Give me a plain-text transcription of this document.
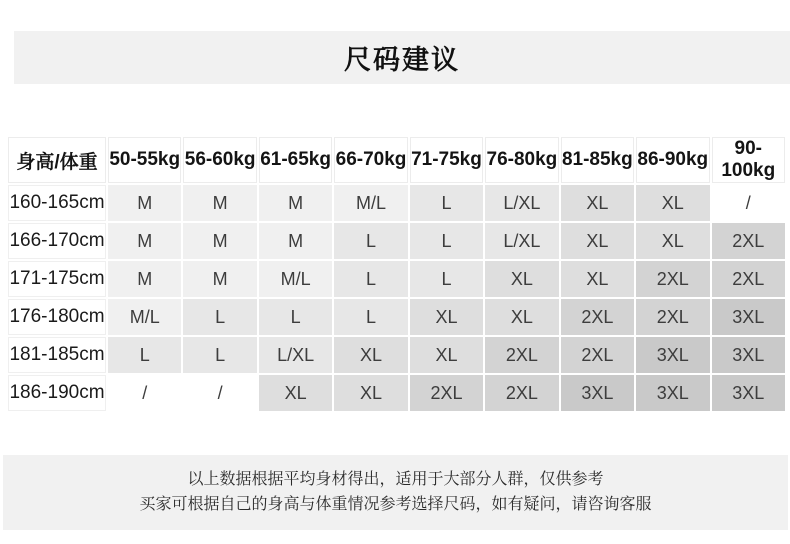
尺码建议
身高/体重	50-55kg	56-60kg	61-65kg	66-70kg	71-75kg	76-80kg	81-85kg	86-90kg	90-100kg
160-165cm	M	M	M	M/L	L	L/XL	XL	XL	/
166-170cm	M	M	M	L	L	L/XL	XL	XL	2XL
171-175cm	M	M	M/L	L	L	XL	XL	2XL	2XL
176-180cm	M/L	L	L	L	XL	XL	2XL	2XL	3XL
181-185cm	L	L	L/XL	XL	XL	2XL	2XL	3XL	3XL
186-190cm	/	/	XL	XL	2XL	2XL	3XL	3XL	3XL

以上数据根据平均身材得出，适用于大部分人群，仅供参考

买家可根据自己的身高与体重情况参考选择尺码，如有疑问，请咨询客服
